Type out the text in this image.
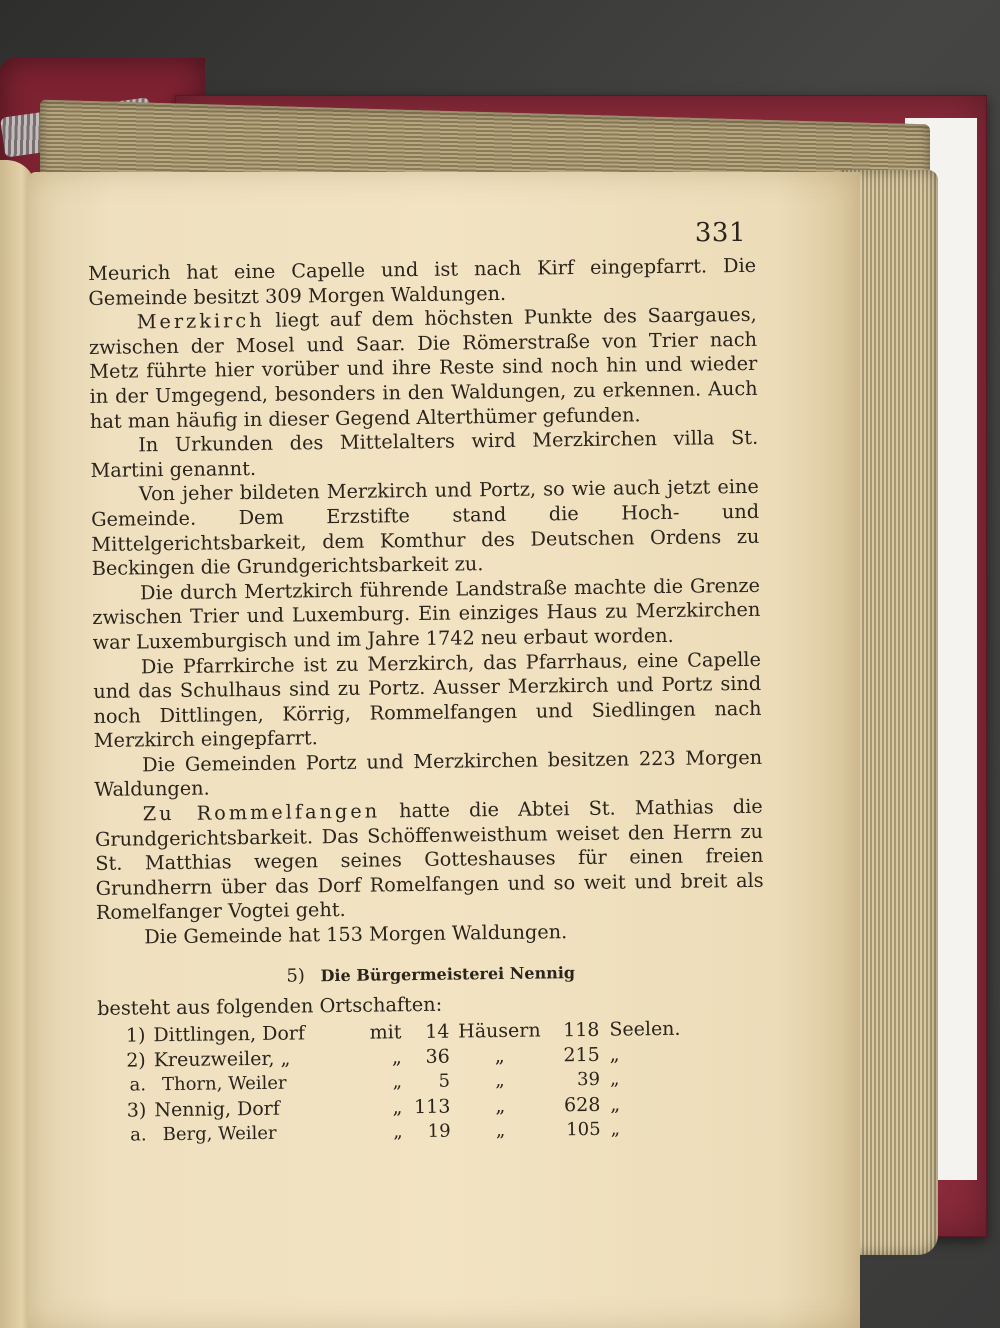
331

Meurich hat eine Capelle und ist nach Kirf eingepfarrt. Die Gemeinde besitzt 309 Morgen Waldungen.

Merzkirch liegt auf dem höchsten Punkte des Saargaues, zwischen der Mosel und Saar. Die Römerstraße von Trier nach Metz führte hier vorüber und ihre Reste sind noch hin und wieder in der Umgegend, besonders in den Waldungen, zu erkennen. Auch hat man häufig in dieser Gegend Alterthümer gefunden.

In Urkunden des Mittelalters wird Merzkirchen villa St. Martini genannt.

Von jeher bildeten Merzkirch und Portz, so wie auch jetzt eine Gemeinde. Dem Erzstifte stand die Hoch- und Mittelgerichtsbarkeit, dem Komthur des Deutschen Ordens zu Beckingen die Grundgerichtsbarkeit zu.

Die durch Mertzkirch führende Landstraße machte die Grenze zwischen Trier und Luxemburg. Ein einziges Haus zu Merzkirchen war Luxemburgisch und im Jahre 1742 neu erbaut worden.

Die Pfarrkirche ist zu Merzkirch, das Pfarrhaus, eine Capelle und das Schulhaus sind zu Portz. Ausser Merzkirch und Portz sind noch Dittlingen, Körrig, Rommelfangen und Siedlingen nach Merzkirch eingepfarrt.

Die Gemeinden Portz und Merzkirchen besitzen 223 Morgen Waldungen.

Zu Rommelfangen hatte die Abtei St. Mathias die Grundgerichtsbarkeit. Das Schöffenweisthum weiset den Herrn zu St. Matthias wegen seines Gotteshauses für einen freien Grundherrn über das Dorf Romelfangen und so weit und breit als Romelfanger Vogtei geht.

Die Gemeinde hat 153 Morgen Waldungen.

5) Die Bürgermeisterei Nennig

besteht aus folgenden Ortschaften:

1)	Dittlingen, Dorf	mit	14	Häusern	118	Seelen.
2)	Kreuzweiler, „	„	36	„	215	„
a.	Thorn, Weiler	„	5	„	39	„
3)	Nennig, Dorf	„	113	„	628	„
a.	Berg, Weiler	„	19	„	105	„
